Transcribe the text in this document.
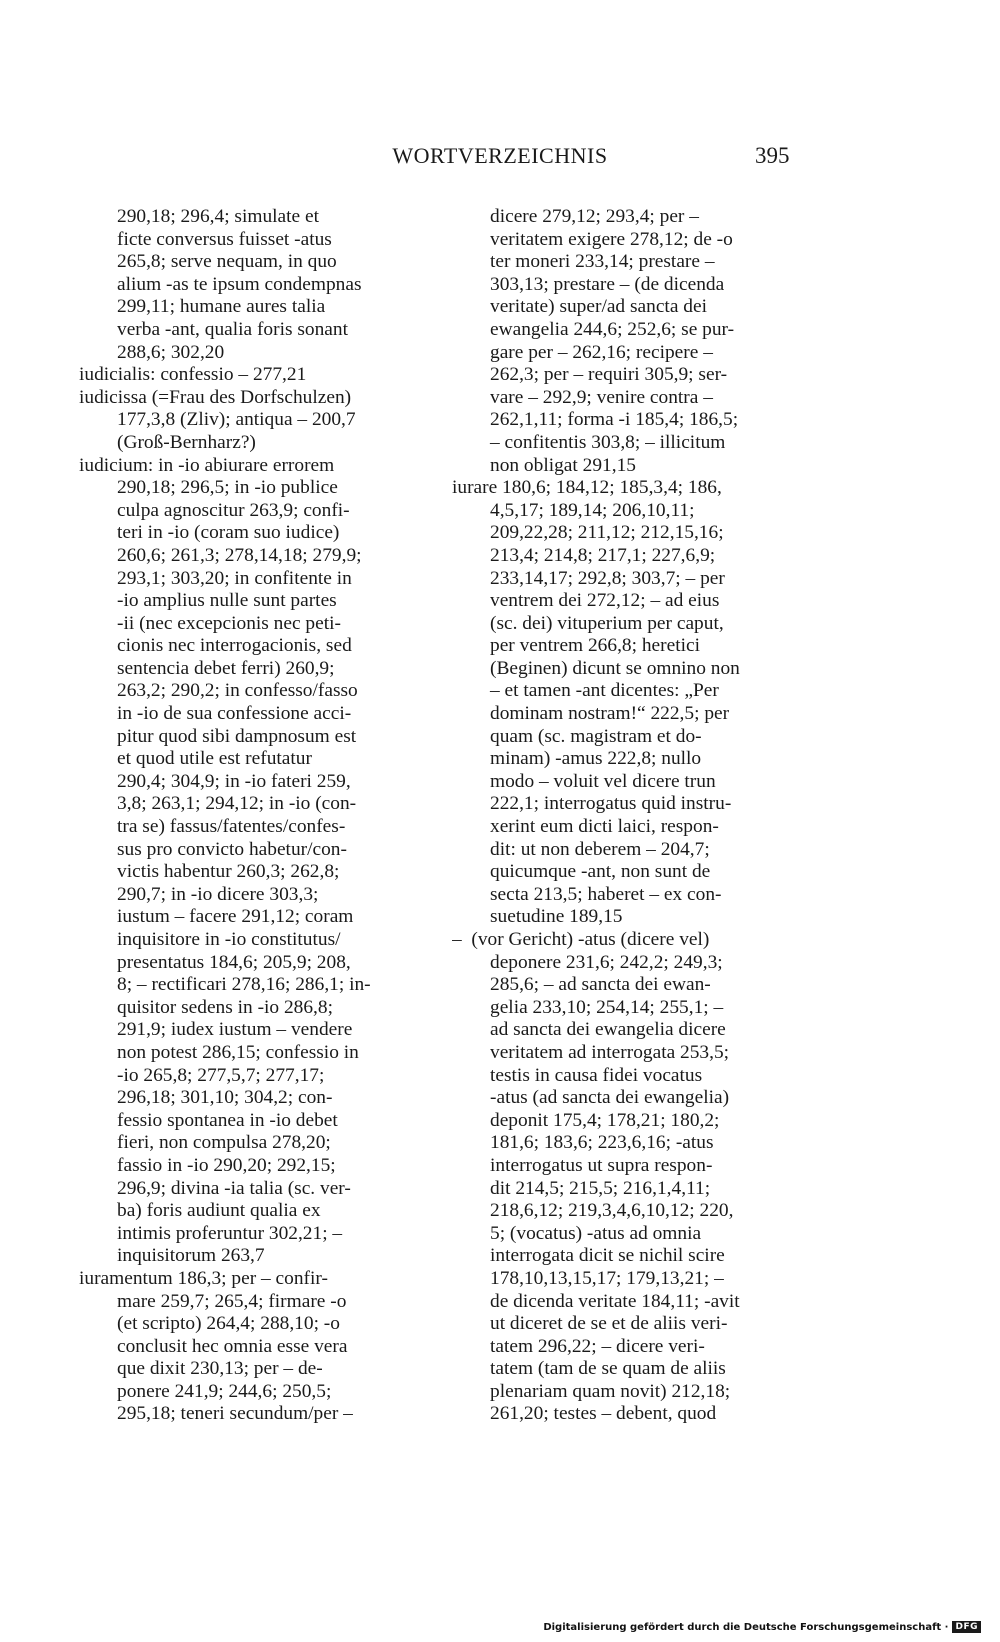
WORTVERZEICHNIS	395
290,18; 296,4; simulate et
ficte conversus fuisset -atus
265,8; serve nequam, in quo
alium -as te ipsum condempnas
299,11; humane aures talia
verba -ant, qualia foris sonant
288,6; 302,20
iudicialis: confessio – 277,21
iudicissa (=Frau des Dorfschulzen)
177,3,8 (Zliv); antiqua – 200,7
(Groß-Bernharz?)
iudicium: in -io abiurare errorem
290,18; 296,5; in -io publice
culpa agnoscitur 263,9; confi-
teri in -io (coram suo iudice)
260,6; 261,3; 278,14,18; 279,9;
293,1; 303,20; in confitente in
-io amplius nulle sunt partes
-ii (nec excepcionis nec peti-
cionis nec interrogacionis, sed
sentencia debet ferri) 260,9;
263,2; 290,2; in confesso/fasso
in -io de sua confessione acci-
pitur quod sibi dampnosum est
et quod utile est refutatur
290,4; 304,9; in -io fateri 259,
3,8; 263,1; 294,12; in -io (con-
tra se) fassus/fatentes/confes-
sus pro convicto habetur/con-
victis habentur 260,3; 262,8;
290,7; in -io dicere 303,3;
iustum – facere 291,12; coram
inquisitore in -io constitutus/
presentatus 184,6; 205,9; 208,
8; – rectificari 278,16; 286,1; in-
quisitor sedens in -io 286,8;
291,9; iudex iustum – vendere
non potest 286,15; confessio in
-io 265,8; 277,5,7; 277,17;
296,18; 301,10; 304,2; con-
fessio spontanea in -io debet
fieri, non compulsa 278,20;
fassio in -io 290,20; 292,15;
296,9; divina -ia talia (sc. ver-
ba) foris audiunt qualia ex
intimis proferuntur 302,21; –
inquisitorum 263,7
iuramentum 186,3; per – confir-
mare 259,7; 265,4; firmare -o
(et scripto) 264,4; 288,10; -o
conclusit hec omnia esse vera
que dixit 230,13; per – de-
ponere 241,9; 244,6; 250,5;
295,18; teneri secundum/per –
dicere 279,12; 293,4; per –
veritatem exigere 278,12; de -o
ter moneri 233,14; prestare –
303,13; prestare – (de dicenda
veritate) super/ad sancta dei
ewangelia 244,6; 252,6; se pur-
gare per – 262,16; recipere –
262,3; per – requiri 305,9; ser-
vare – 292,9; venire contra –
262,1,11; forma -i 185,4; 186,5;
– confitentis 303,8; – illicitum
non obligat 291,15
iurare 180,6; 184,12; 185,3,4; 186,
4,5,17; 189,14; 206,10,11;
209,22,28; 211,12; 212,15,16;
213,4; 214,8; 217,1; 227,6,9;
233,14,17; 292,8; 303,7; – per
ventrem dei 272,12; – ad eius
(sc. dei) vituperium per caput,
per ventrem 266,8; heretici
(Beginen) dicunt se omnino non
– et tamen -ant dicentes: „Per
dominam nostram!“ 222,5; per
quam (sc. magistram et do-
minam) -amus 222,8; nullo
modo – voluit vel dicere trun
222,1; interrogatus quid instru-
xerint eum dicti laici, respon-
dit: ut non deberem – 204,7;
quicumque -ant, non sunt de
secta 213,5; haberet – ex con-
suetudine 189,15
–  (vor Gericht) -atus (dicere vel)
deponere 231,6; 242,2; 249,3;
285,6; – ad sancta dei ewan-
gelia 233,10; 254,14; 255,1; –
ad sancta dei ewangelia dicere
veritatem ad interrogata 253,5;
testis in causa fidei vocatus
-atus (ad sancta dei ewangelia)
deponit 175,4; 178,21; 180,2;
181,6; 183,6; 223,6,16; -atus
interrogatus ut supra respon-
dit 214,5; 215,5; 216,1,4,11;
218,6,12; 219,3,4,6,10,12; 220,
5; (vocatus) -atus ad omnia
interrogata dicit se nichil scire
178,10,13,15,17; 179,13,21; –
de dicenda veritate 184,11; -avit
ut diceret de se et de aliis veri-
tatem 296,22; – dicere veri-
tatem (tam de se quam de aliis
plenariam quam novit) 212,18;
261,20; testes – debent, quod
Digitalisierung gefördert durch die Deutsche Forschungsgemeinschaft · DFG
